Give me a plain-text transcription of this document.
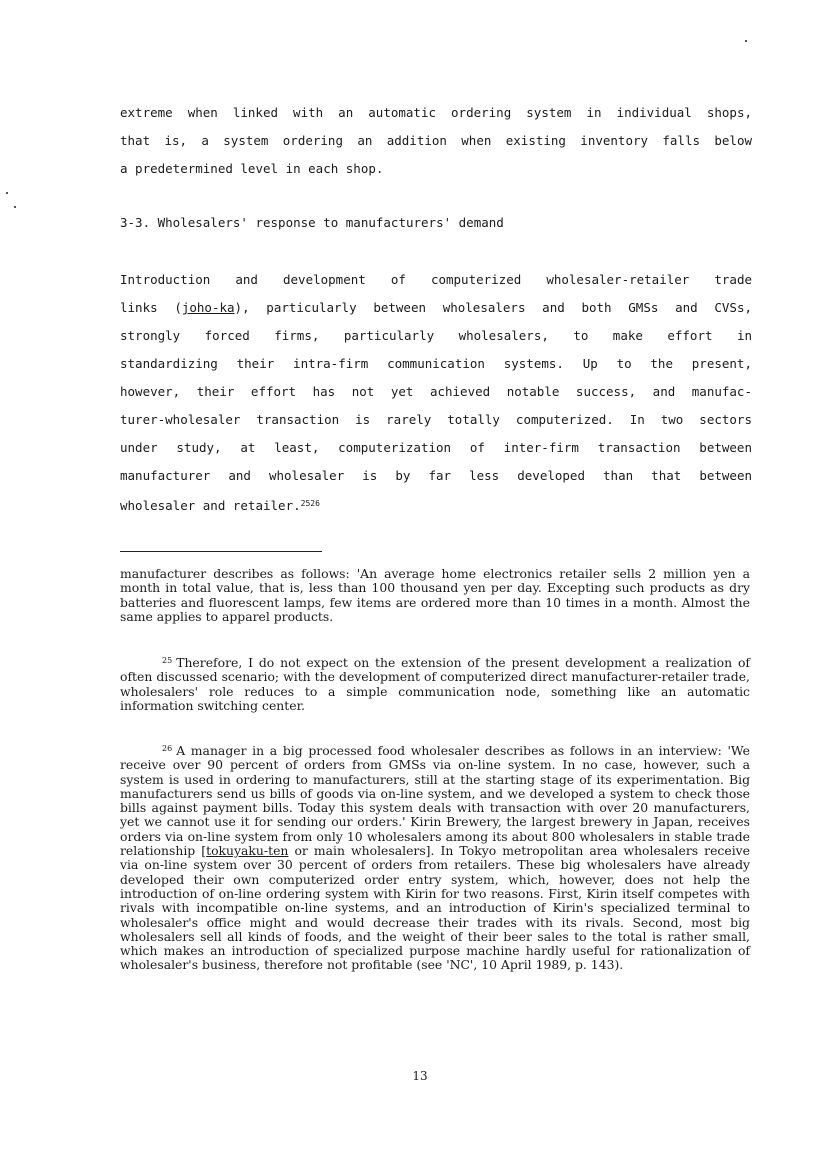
extreme when linked with an automatic ordering system in individual shops,
that is, a system ordering an addition when existing inventory falls below
a predetermined level in each shop.
3-3. Wholesalers' response to manufacturers' demand
Introduction and development of computerized wholesaler-retailer trade
links (joho-ka), particularly between wholesalers and both GMSs and CVSs,
strongly forced firms, particularly wholesalers, to make effort in
standardizing their intra-firm communication systems. Up to the present,
however, their effort has not yet achieved notable success, and manufac-
turer-wholesaler transaction is rarely totally computerized. In two sectors
under study, at least, computerization of inter-firm transaction between
manufacturer and wholesaler is by far less developed than that between
wholesaler and retailer.$^{2526}$
manufacturer describes as follows: 'An average home electronics retailer sells 2 million yen a month in total value, that is, less than 100 thousand yen per day. Excepting such products as dry batteries and fluorescent lamps, few items are ordered more than 10 times in a month. Almost the same applies to apparel products.
$^{25}$ Therefore, I do not expect on the extension of the present development a realization of often discussed scenario; with the development of computerized direct manufacturer-retailer trade, wholesalers' role reduces to a simple communication node, something like an automatic information switching center.
$^{26}$ A manager in a big processed food wholesaler describes as follows in an interview: 'We receive over 90 percent of orders from GMSs via on-line system. In no case, however, such a system is used in ordering to manufacturers, still at the starting stage of its experimentation. Big manufacturers send us bills of goods via on-line system, and we developed a system to check those bills against payment bills. Today this system deals with transaction with over 20 manufacturers, yet we cannot use it for sending our orders.' Kirin Brewery, the largest brewery in Japan, receives orders via on-line system from only 10 wholesalers among its about 800 wholesalers in stable trade relationship [tokuyaku-ten or main wholesalers]. In Tokyo metropolitan area wholesalers receive via on-line system over 30 percent of orders from retailers. These big wholesalers have already developed their own computerized order entry system, which, however, does not help the introduction of on-line ordering system with Kirin for two reasons. First, Kirin itself competes with rivals with incompatible on-line systems, and an introduction of Kirin's specialized terminal to wholesaler's office might and would decrease their trades with its rivals. Second, most big wholesalers sell all kinds of foods, and the weight of their beer sales to the total is rather small, which makes an introduction of specialized purpose machine hardly useful for rationalization of wholesaler's business, therefore not profitable (see 'NC', 10 April 1989, p. 143).
13
